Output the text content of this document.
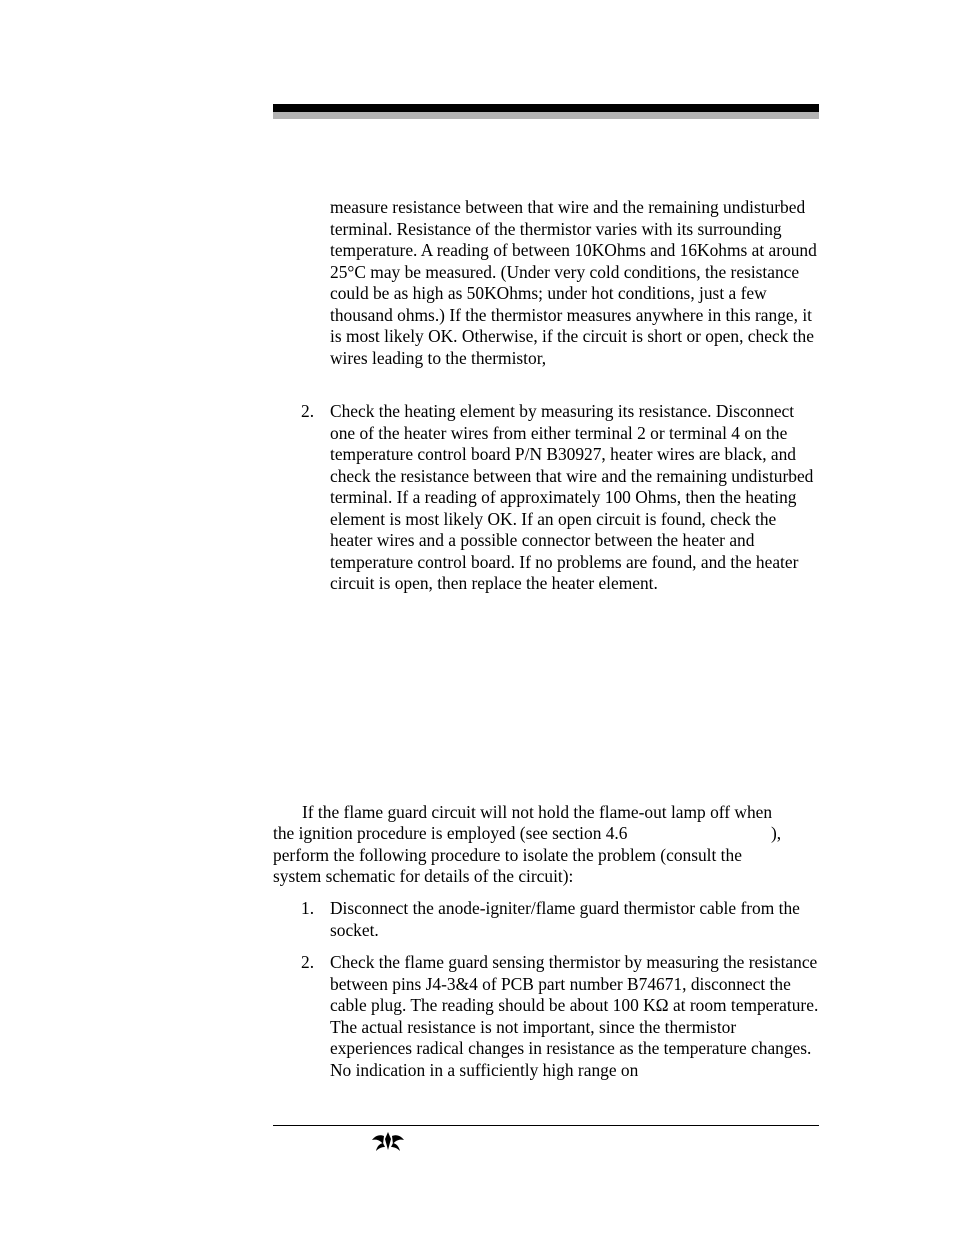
measure resistance between that wire and the remaining undisturbed terminal. Resistance of the thermistor varies with its surrounding temperature. A reading of between 10KOhms and 16Kohms at around 25°C may be measured. (Under very cold conditions, the resistance could be as high as 50KOhms; under hot conditions, just a few thousand ohms.) If the thermistor measures anywhere in this range, it is most likely OK. Otherwise, if the circuit is short or open, check the wires leading to the thermistor,

2. Check the heating element by measuring its resistance. Disconnect one of the heater wires from either terminal 2 or terminal 4 on the temperature control board P/N B30927, heater wires are black, and check the resistance between that wire and the remaining undisturbed terminal. If a reading of approximately 100 Ohms, then the heating element is most likely OK. If an open circuit is found, check the heater wires and a possible connector between the heater and temperature control board. If no problems are found, and the heater circuit is open, then replace the heater element.

If the flame guard circuit will not hold the flame-out lamp off when
the ignition procedure is employed (see section 4.6	),
perform the following procedure to isolate the problem (consult the
system schematic for details of the circuit):
1. Disconnect the anode-igniter/flame guard thermistor cable from the socket.

2. Check the flame guard sensing thermistor by measuring the resistance between pins J4-3&4 of PCB part number B74671, disconnect the cable plug. The reading should be about 100 KΩ at room temperature. The actual resistance is not important, since the thermistor experiences radical changes in resistance as the temperature changes. No indication in a sufficiently high range on
